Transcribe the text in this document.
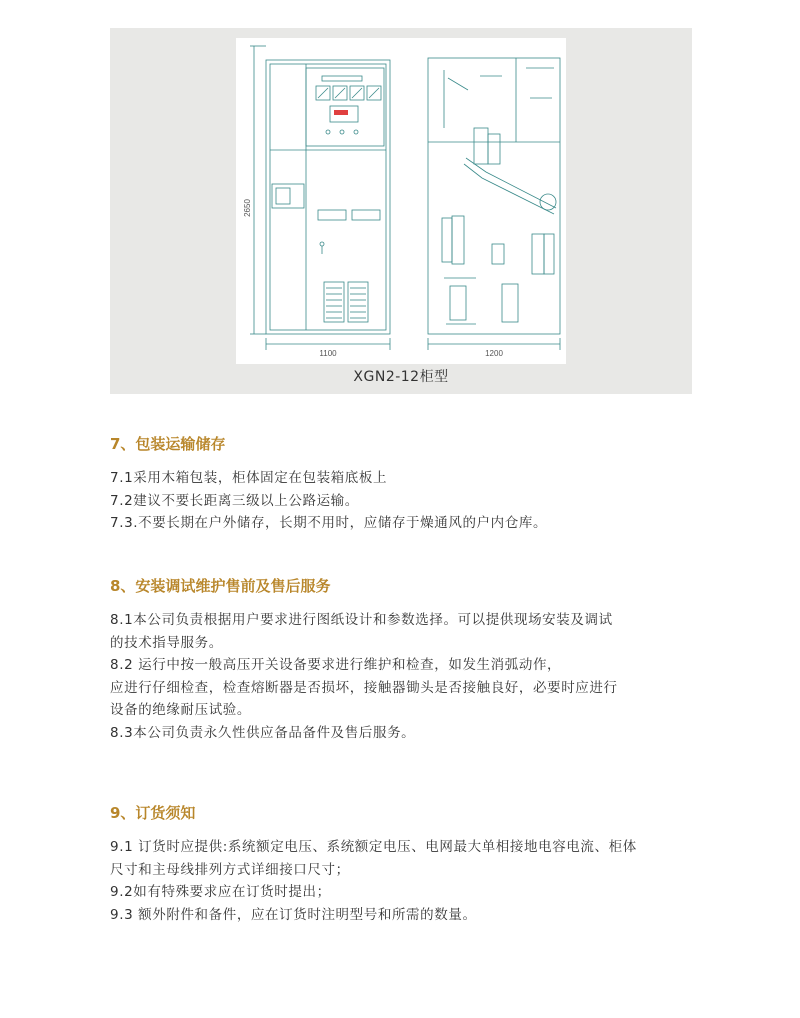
2650
1100	1200
XGN2-12柜型
7、包装运输储存

7.1采用木箱包装，柜体固定在包装箱底板上

7.2建议不要长距离三级以上公路运输。

7.3.不要长期在户外储存，长期不用时，应储存于燥通风的户内仓库。

8、安装调试维护售前及售后服务

8.1本公司负责根据用户要求进行图纸设计和参数选择。可以提供现场安装及调试

的技术指导服务。

8.2 运行中按一般高压开关设备要求进行维护和检查，如发生消弧动作，

应进行仔细检查，检查熔断器是否损坏，接触器锄头是否接触良好，必要时应进行

设备的绝缘耐压试验。

8.3本公司负责永久性供应备品备件及售后服务。

9、订货须知

9.1 订货时应提供:系统额定电压、系统额定电压、电网最大单相接地电容电流、柜体

尺寸和主母线排列方式详细接口尺寸；

9.2如有特殊要求应在订货时提出；

9.3 额外附件和备件，应在订货时注明型号和所需的数量。
